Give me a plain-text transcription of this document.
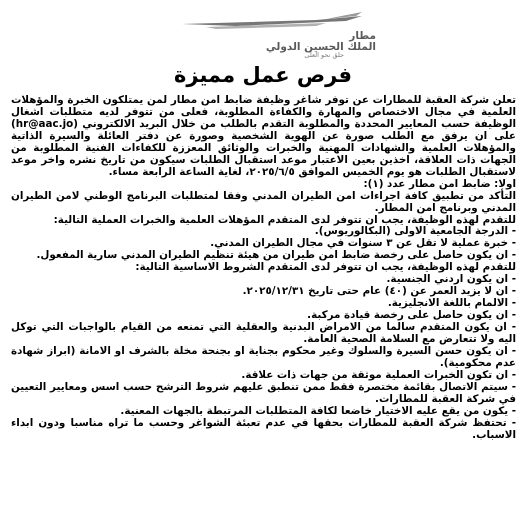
مطار
الملك الحسين الدولي
حلق نحو العلى
فرص عمل مميزة

تعلن شركة العقبة للمطارات عن توفر شاغر وظيفة ضابط امن مطار لمن يمتلكون الخبرة والمؤهلات العلمية في مجال الاختصاص والمهارة والكفاءة المطلوبة، فعلى من تتوفر لديه متطلبات اشغال الوظيفة حسب المعايير المحددة والمطلوبة التقدم بالطلب من خلال البريد الالكتروني (hr@aac.jo) على ان يرفق مع الطلب صورة عن الهوية الشخصية وصورة عن دفتر العائلة والسيرة الذاتية والمؤهلات العلمية والشهادات المهنية والخبرات والوثائق المعززة للكفاءات الفنية المطلوبة من الجهات ذات العلاقة، اخذين بعين الاعتبار موعد استقبال الطلبات سيكون من تاريخ نشره واخر موعد لاستقبال الطلبات هو يوم الخميس الموافق ٢٠٢٥/٦/٥، لغاية الساعة الرابعة مساء.

اولا: ضابط امن مطار عدد (١):

التأكد من تطبيق كافة اجراءات امن الطيران المدني وفقا لمتطلبات البرنامج الوطني لامن الطيران المدني وبرنامج امن المطار.

للتقدم لهذه الوظيفة، يجب ان تتوفر لدى المتقدم المؤهلات العلمية والخبرات العملية التالية:

- الدرجة الجامعية الاولى (البكالوريوس).

- خبرة عملية لا تقل عن ٣ سنوات في مجال الطيران المدني.

- ان يكون حاصل على رخصة ضابط امن طيران من هيئة تنظيم الطيران المدني سارية المفعول.

للتقدم لهذه الوظيفة، يجب ان تتوفر لدى المتقدم الشروط الاساسية التالية:

- ان يكون اردني الجنسية.

- ان لا يزيد العمر عن (٤٠) عام حتى تاريخ ٢٠٢٥/١٢/٣١.

- الالمام باللغة الانجليزية.

- ان يكون حاصل على رخصة قيادة مركبة.

- ان يكون المتقدم سالما من الامراض البدنية والعقلية التي تمنعه من القيام بالواجبات التي توكل اليه ولا تتعارض مع السلامة الصحية العامة.

- ان يكون حسن السيرة والسلوك وغير محكوم بجناية او بجنحة مخلة بالشرف او الامانة (ابراز شهادة عدم محكومية).

- ان تكون الخبرات العملية موثقة من جهات ذات علاقة.

- سيتم الاتصال بقائمة مختصرة فقط ممن تنطبق عليهم شروط الترشح حسب اسس ومعايير التعيين في شركة العقبة للمطارات.

- يكون من يقع عليه الاختيار خاضعا لكافة المتطلبات المرتبطة بالجهات المعنية.

- تحتفظ شركة العقبة للمطارات بحقها في عدم تعبئة الشواغر وحسب ما تراه مناسبا ودون ابداء الاسباب.
